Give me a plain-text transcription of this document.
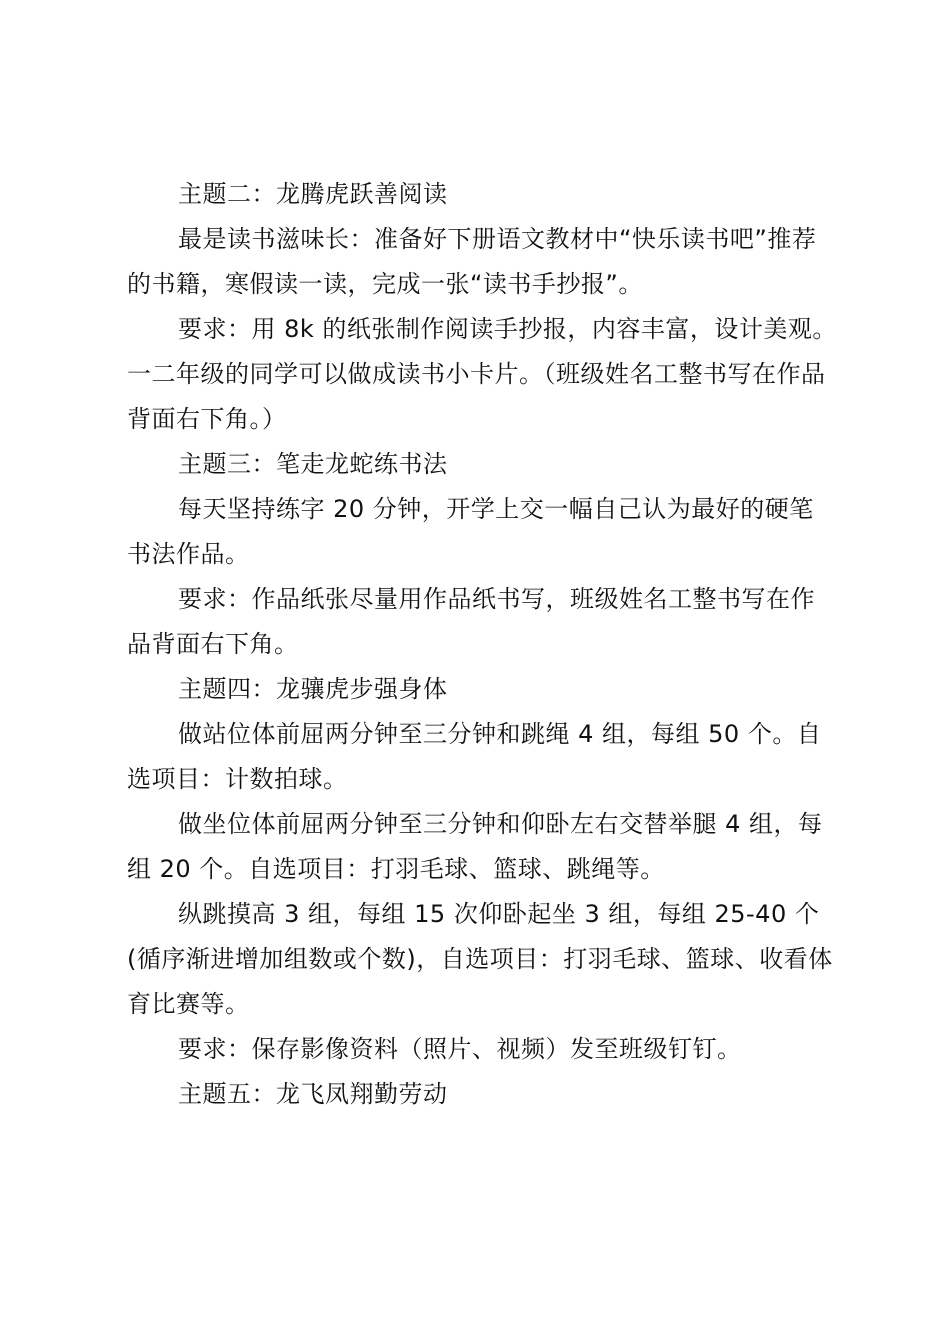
主题二：龙腾虎跃善阅读

最是读书滋味长：准备好下册语文教材中“快乐读书吧”推荐的书籍，寒假读一读，完成一张“读书手抄报”。

要求：用 8k 的纸张制作阅读手抄报，内容丰富，设计美观。一二年级的同学可以做成读书小卡片。（班级姓名工整书写在作品背面右下角。）

主题三：笔走龙蛇练书法

每天坚持练字 20 分钟，开学上交一幅自己认为最好的硬笔书法作品。

要求：作品纸张尽量用作品纸书写，班级姓名工整书写在作品背面右下角。

主题四：龙骧虎步强身体

做站位体前屈两分钟至三分钟和跳绳 4 组，每组 50 个。自选项目：计数拍球。

做坐位体前屈两分钟至三分钟和仰卧左右交替举腿 4 组，每组 20 个。自选项目：打羽毛球、篮球、跳绳等。

纵跳摸高 3 组，每组 15 次仰卧起坐 3 组，每组 25-40 个(循序渐进增加组数或个数)，自选项目：打羽毛球、篮球、收看体育比赛等。

要求：保存影像资料（照片、视频）发至班级钉钉。

主题五：龙飞凤翔勤劳动
